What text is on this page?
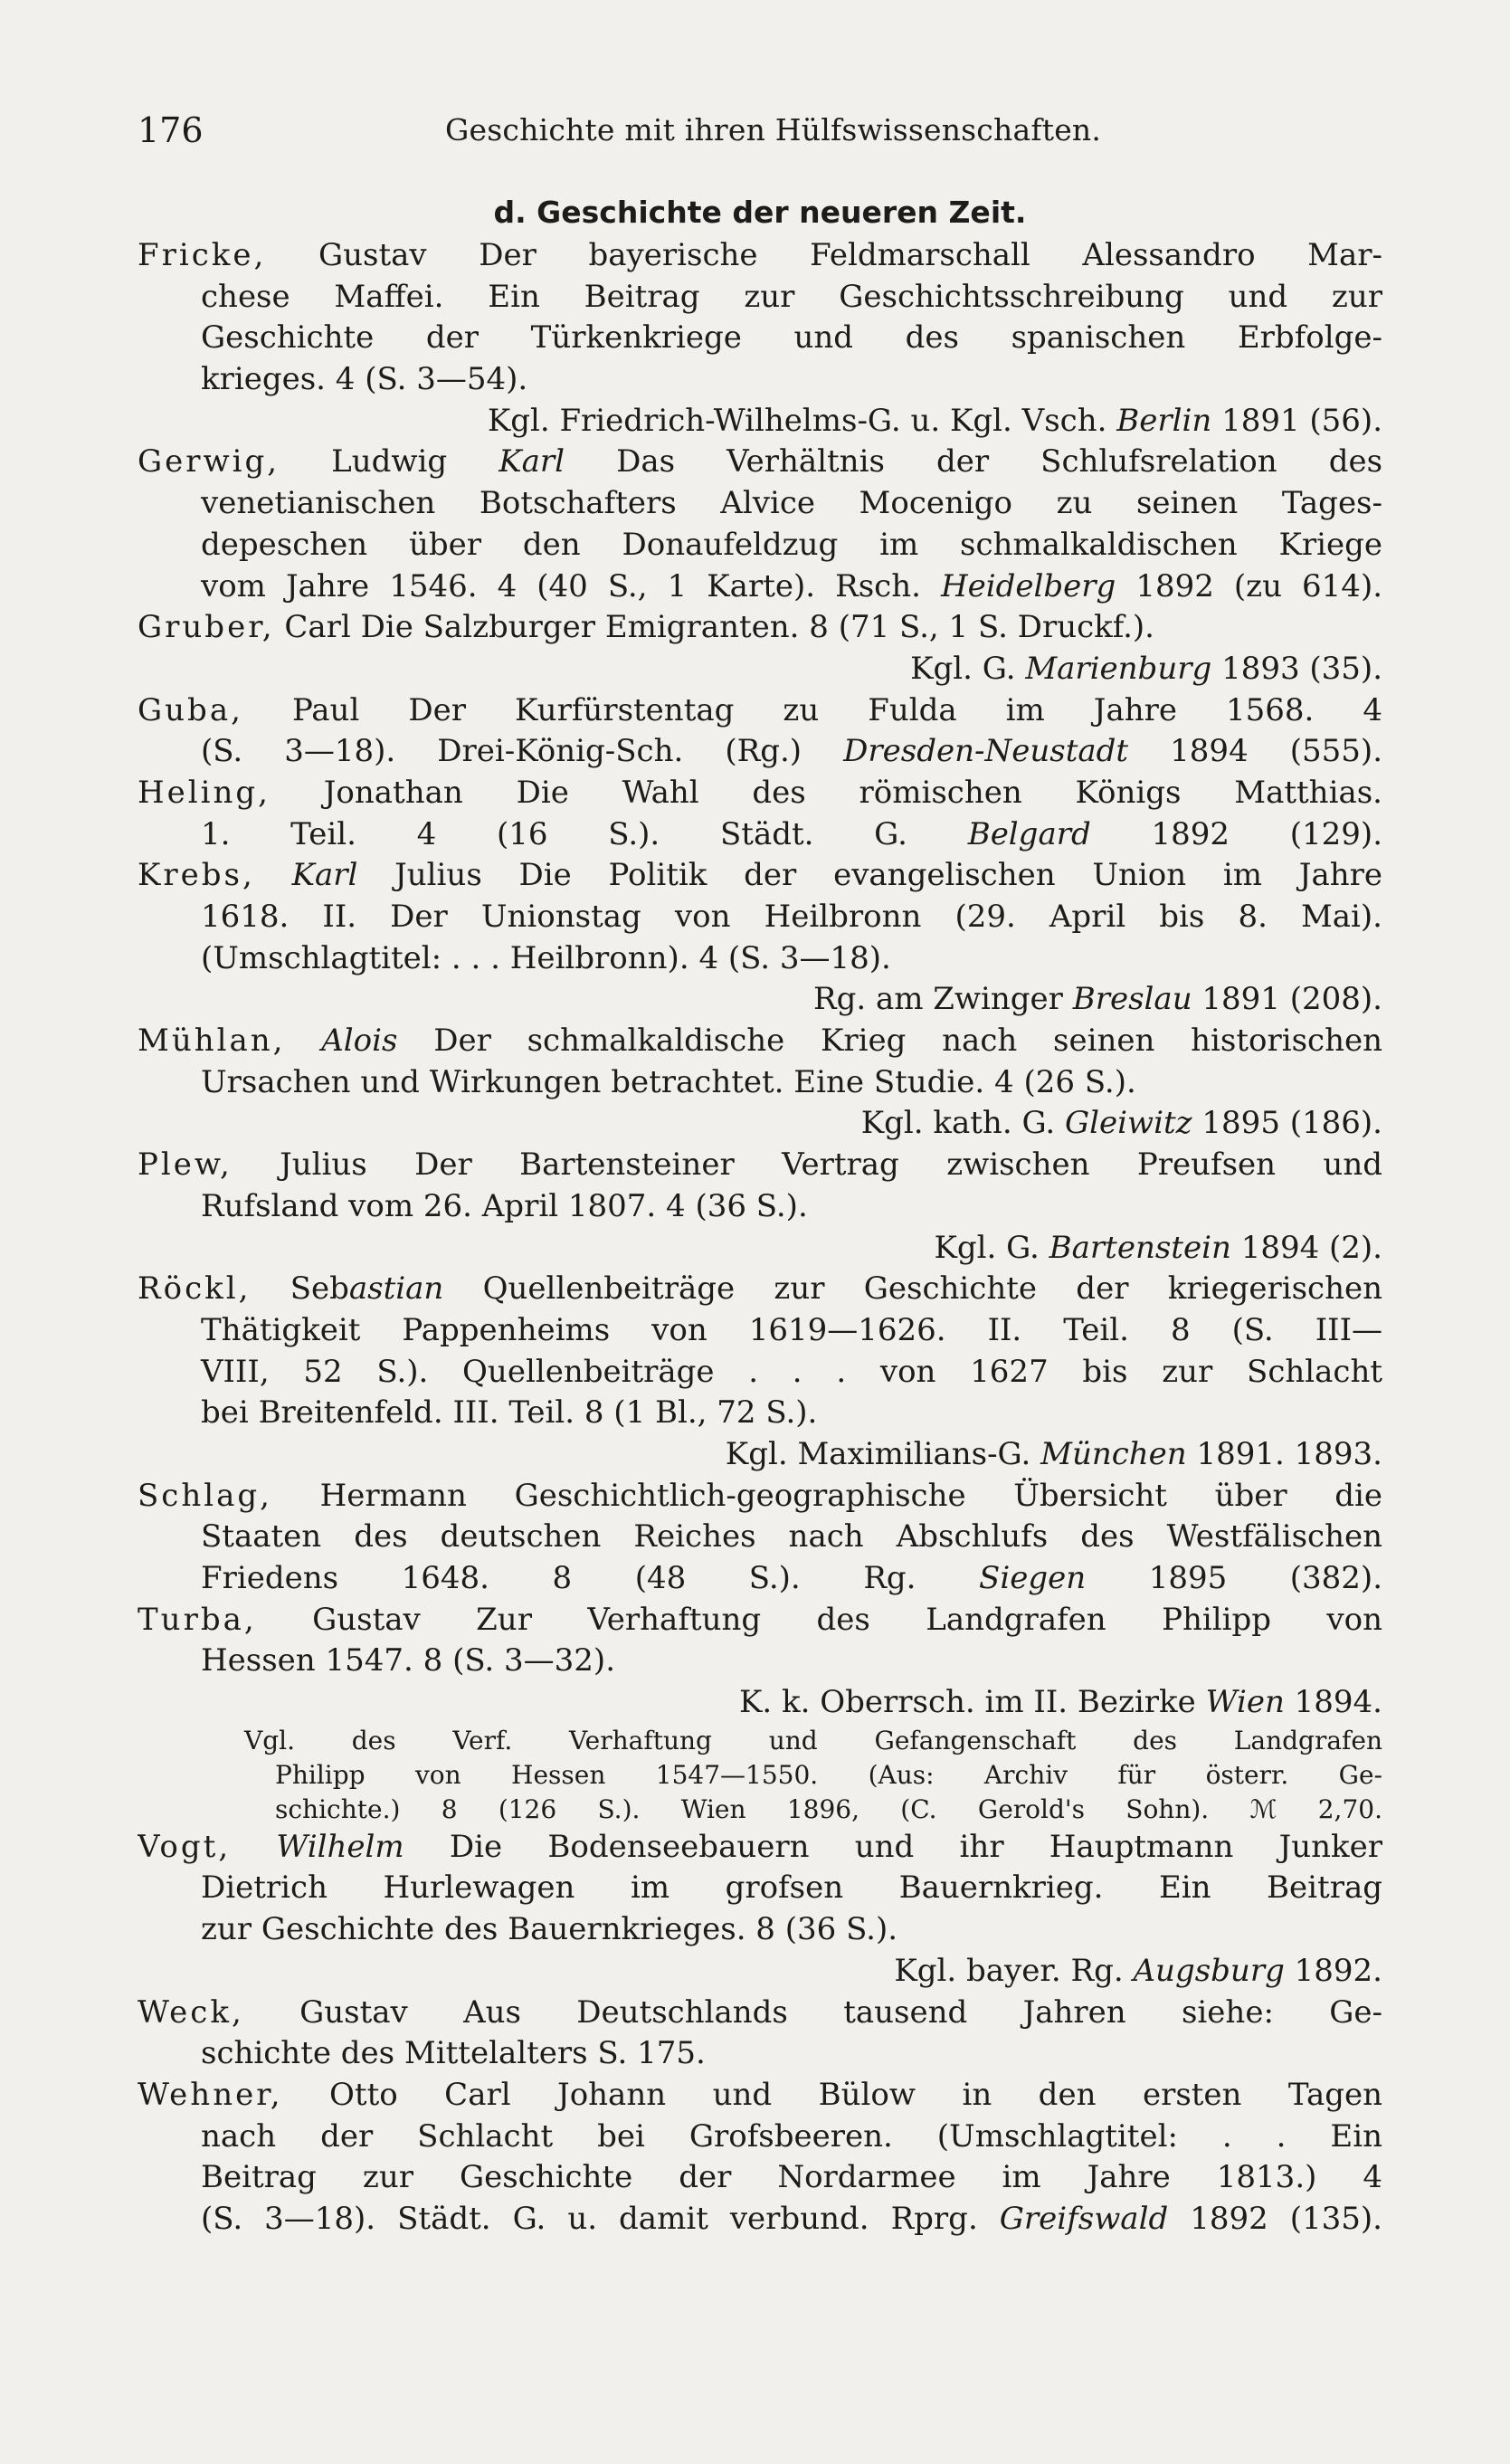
176	Geschichte mit ihren Hülfswissenschaften.
d. Geschichte der neueren Zeit.
Fricke, Gustav Der bayerische Feldmarschall Alessandro Mar-
chese Maffei. Ein Beitrag zur Geschichtsschreibung und zur
Geschichte der Türkenkriege und des spanischen Erbfolge-
krieges. 4 (S. 3—54).
Kgl. Friedrich-Wilhelms-G. u. Kgl. Vsch. Berlin 1891 (56).
Gerwig, Ludwig Karl Das Verhältnis der Schlufsrelation des
venetianischen Botschafters Alvice Mocenigo zu seinen Tages-
depeschen über den Donaufeldzug im schmalkaldischen Kriege
vom Jahre 1546. 4 (40 S., 1 Karte). Rsch. Heidelberg 1892 (zu 614).
Gruber, Carl Die Salzburger Emigranten. 8 (71 S., 1 S. Druckf.).
Kgl. G. Marienburg 1893 (35).
Guba, Paul Der Kurfürstentag zu Fulda im Jahre 1568. 4
(S. 3—18). Drei-König-Sch. (Rg.) Dresden-Neustadt 1894 (555).
Heling, Jonathan Die Wahl des römischen Königs Matthias.
1. Teil. 4 (16 S.). Städt. G. Belgard 1892 (129).
Krebs, Karl Julius Die Politik der evangelischen Union im Jahre
1618. II. Der Unionstag von Heilbronn (29. April bis 8. Mai).
(Umschlagtitel: . . . Heilbronn). 4 (S. 3—18).
Rg. am Zwinger Breslau 1891 (208).
Mühlan, Alois Der schmalkaldische Krieg nach seinen historischen
Ursachen und Wirkungen betrachtet. Eine Studie. 4 (26 S.).
Kgl. kath. G. Gleiwitz 1895 (186).
Plew, Julius Der Bartensteiner Vertrag zwischen Preufsen und
Rufsland vom 26. April 1807. 4 (36 S.).
Kgl. G. Bartenstein 1894 (2).
Röckl, Sebastian Quellenbeiträge zur Geschichte der kriegerischen
Thätigkeit Pappenheims von 1619—1626. II. Teil. 8 (S. III—
VIII, 52 S.). Quellenbeiträge . . . von 1627 bis zur Schlacht
bei Breitenfeld. III. Teil. 8 (1 Bl., 72 S.).
Kgl. Maximilians-G. München 1891. 1893.
Schlag, Hermann Geschichtlich-geographische Übersicht über die
Staaten des deutschen Reiches nach Abschlufs des Westfälischen
Friedens 1648. 8 (48 S.). Rg. Siegen 1895 (382).
Turba, Gustav Zur Verhaftung des Landgrafen Philipp von
Hessen 1547. 8 (S. 3—32).
K. k. Oberrsch. im II. Bezirke Wien 1894.
Vgl. des Verf. Verhaftung und Gefangenschaft des Landgrafen
Philipp von Hessen 1547—1550. (Aus: Archiv für österr. Ge-
schichte.) 8 (126 S.). Wien 1896, (C. Gerold's Sohn). ℳ 2,70.
Vogt, Wilhelm Die Bodenseebauern und ihr Hauptmann Junker
Dietrich Hurlewagen im grofsen Bauernkrieg. Ein Beitrag
zur Geschichte des Bauernkrieges. 8 (36 S.).
Kgl. bayer. Rg. Augsburg 1892.
Weck, Gustav Aus Deutschlands tausend Jahren siehe: Ge-
schichte des Mittelalters S. 175.
Wehner, Otto Carl Johann und Bülow in den ersten Tagen
nach der Schlacht bei Grofsbeeren. (Umschlagtitel: . . Ein
Beitrag zur Geschichte der Nordarmee im Jahre 1813.) 4
(S. 3—18). Städt. G. u. damit verbund. Rprg. Greifswald 1892 (135).
